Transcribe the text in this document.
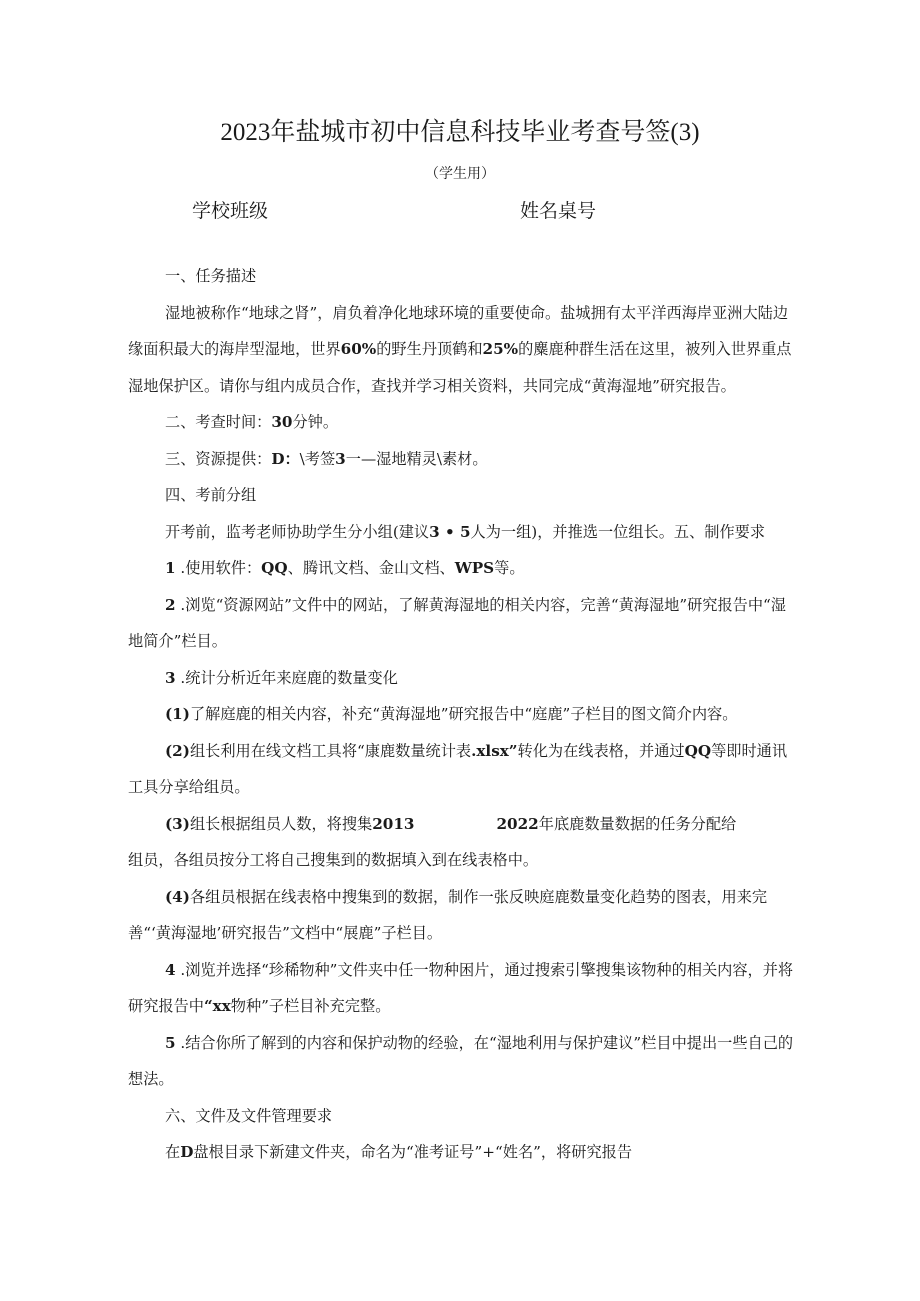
2023年盐城市初中信息科技毕业考查号签(3)
（学生用）
学校班级	姓名桌号

一、任务描述

湿地被称作“地球之肾”，肩负着净化地球环境的重要使命。盐城拥有太平洋西海岸亚洲大陆边缘面积最大的海岸型湿地，世界60%的野生丹顶鹤和25%的麋鹿种群生活在这里，被列入世界重点湿地保护区。请你与组内成员合作，查找并学习相关资料，共同完成“黄海湿地”研究报告。

二、考查时间：30分钟。

三、资源提供：D：\考签3一—湿地精灵\素材。

四、考前分组

开考前，监考老师协助学生分小组(建议3 • 5人为一组)，并推选一位组长。五、制作要求

1 .使用软件：QQ、腾讯文档、金山文档、WPS等。

2 .浏览“资源网站”文件中的网站，了解黄海湿地的相关内容，完善“黄海湿地”研究报告中“湿地简介”栏目。

3 .统计分析近年来庭鹿的数量变化

(1)了解庭鹿的相关内容，补充“黄海湿地”研究报告中“庭鹿”子栏目的图文简介内容。

(2)组长利用在线文档工具将“康鹿数量统计表.xlsx”转化为在线表格，并通过QQ等即时通讯工具分享给组员。

(3)组长根据组员人数，将搜集2013	2022年底鹿数量数据的任务分配给

组员，各组员按分工将自己搜集到的数据填入到在线表格中。

(4)各组员根据在线表格中搜集到的数据，制作一张反映庭鹿数量变化趋势的图表，用来完善“‘黄海湿地’研究报告”文档中“展鹿”子栏目。

4 .浏览并选择“珍稀物种”文件夹中任一物种困片，通过搜索引擎搜集该物种的相关内容，并将研究报告中“xx物种”子栏目补充完整。

5 .结合你所了解到的内容和保护动物的经验，在“湿地利用与保护建议”栏目中提出一些自己的想法。

六、文件及文件管理要求

在D盘根目录下新建文件夹，命名为“准考证号”+“姓名”，将研究报告
